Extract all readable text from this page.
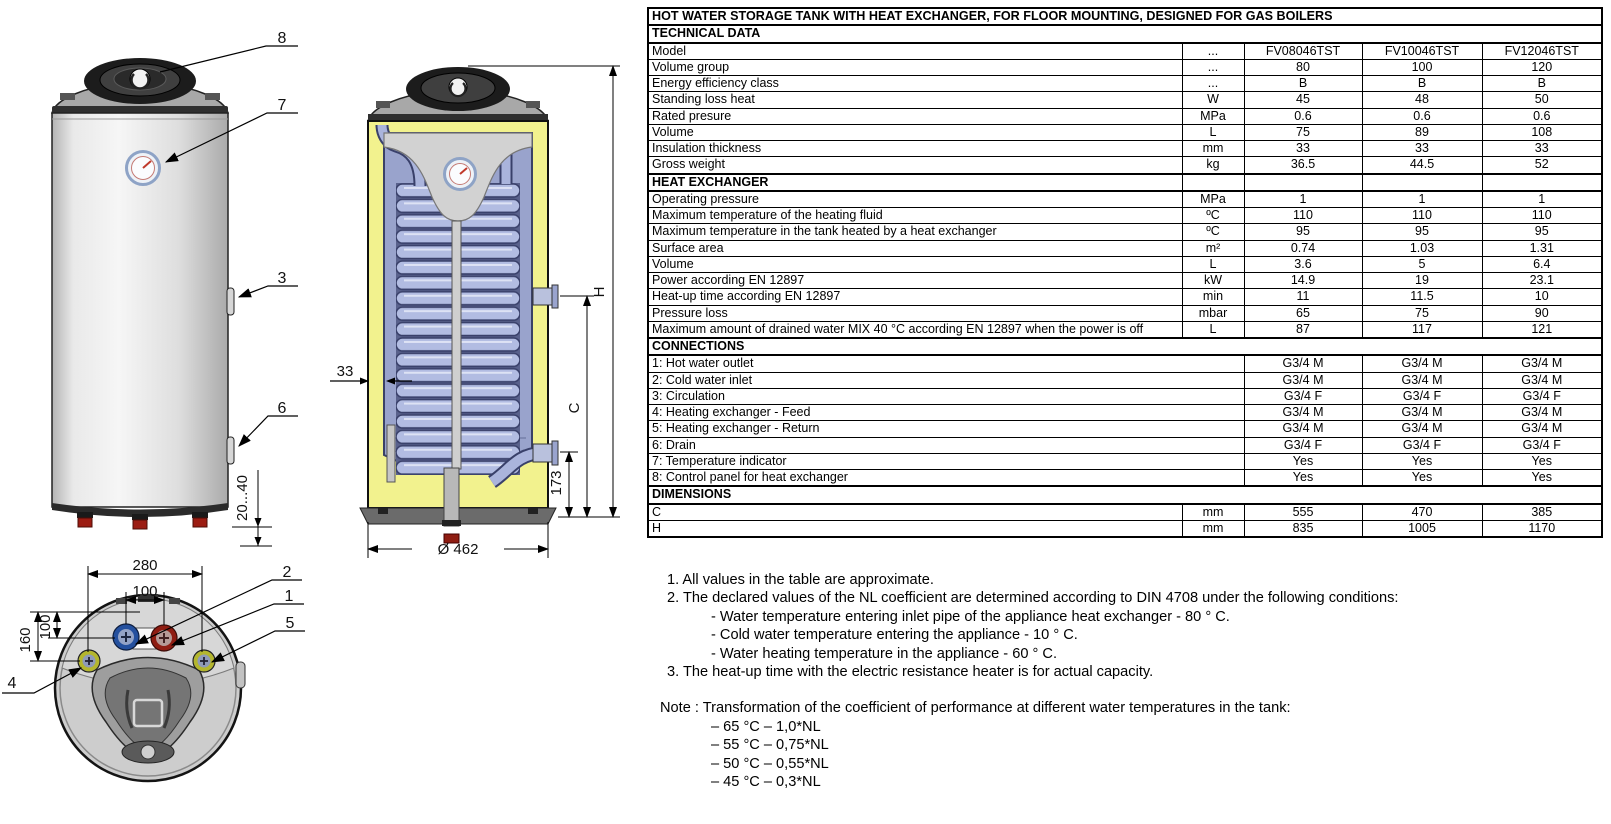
8
7
3
6
20...40
33
H
C
173
Ø 462
280
100
100
160
2
1
5
4
HOT WATER STORAGE TANK WITH HEAT EXCHANGER, FOR FLOOR MOUNTING, DESIGNED FOR GAS BOILERS				
TECHNICAL DATA				
Model	...	FV08046TST	FV10046TST	FV12046TST
Volume group	...	80	100	120
Energy efficiency class	...	B	B	B
Standing loss heat	W	45	48	50
Rated presure	MPa	0.6	0.6	0.6
Volume	L	75	89	108
Insulation thickness	mm	33	33	33
Gross weight	kg	36.5	44.5	52
HEAT EXCHANGER				
Operating pressure	MPa	1	1	1
Maximum temperature of the heating fluid	ºC	110	110	110
Maximum temperature in the tank heated by a heat exchanger	ºC	95	95	95
Surface area	m²	0.74	1.03	1.31
Volume	L	3.6	5	6.4
Power according EN 12897	kW	14.9	19	23.1
Heat-up time according EN 12897	min	11	11.5	10
Pressure loss	mbar	65	75	90
Maximum amount of drained water MIX 40 °C according EN 12897 when the power is off	L	87	117	121
CONNECTIONS				
1: Hot water outlet		G3/4 M	G3/4 M	G3/4 M
2: Cold water inlet		G3/4 M	G3/4 M	G3/4 M
3: Circulation		G3/4 F	G3/4 F	G3/4 F
4: Heating exchanger - Feed		G3/4 M	G3/4 M	G3/4 M
5: Heating exchanger - Return		G3/4 M	G3/4 M	G3/4 M
6: Drain		G3/4 F	G3/4 F	G3/4 F
7: Temperature indicator		Yes	Yes	Yes
8: Control panel for heat exchanger		Yes	Yes	Yes
DIMENSIONS				
C	mm	555	470	385
H	mm	835	1005	1170
1. All values in the table are approximate.
2. The declared values of the NL coefficient are determined according to DIN 4708 under the following conditions:
- Water temperature entering inlet pipe of the appliance heat exchanger - 80 ° C.
- Cold water temperature entering the appliance - 10 ° C.
- Water heating temperature in the appliance - 60 ° C.
3. The heat-up time with the electric resistance heater is for actual capacity.
Note : Transformation of the coefficient of performance at different water temperatures in the tank:
– 65 °C – 1,0*NL
– 55 °C – 0,75*NL
– 50 °C – 0,55*NL
– 45 °C – 0,3*NL
